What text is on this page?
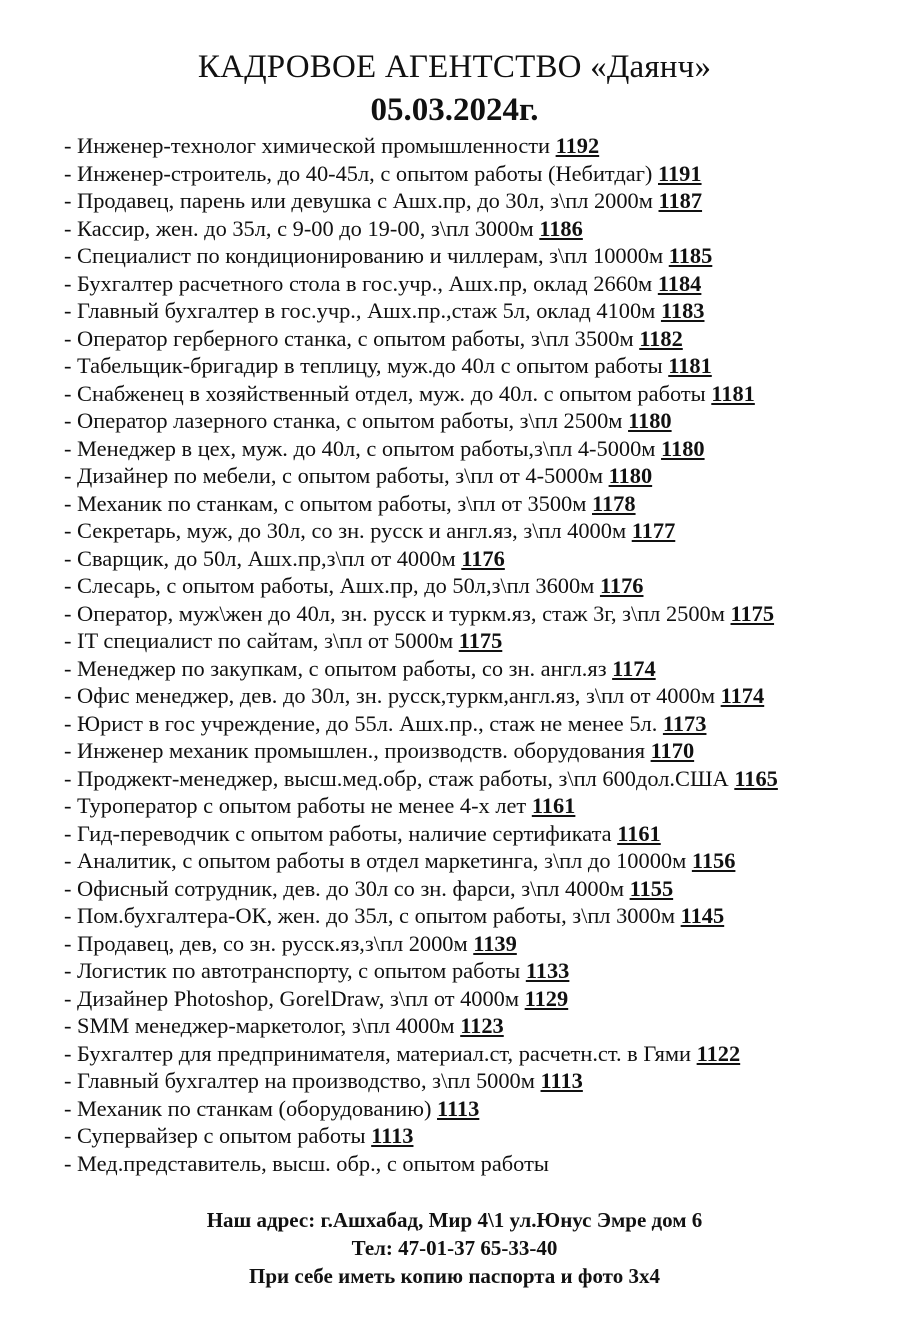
КАДРОВОЕ АГЕНТСТВО «Даянч»
05.03.2024г.
- Инженер-технолог химической промышленности 1192
- Инженер-строитель, до 40-45л, с опытом работы (Небитдаг) 1191
- Продавец, парень или девушка с Ашх.пр, до 30л, з\пл 2000м 1187
- Кассир, жен. до 35л, с 9-00 до 19-00, з\пл 3000м 1186
- Специалист по кондиционированию и чиллерам, з\пл 10000м 1185
- Бухгалтер расчетного стола в гос.учр., Ашх.пр, оклад 2660м 1184
- Главный бухгалтер в гос.учр., Ашх.пр.,стаж 5л, оклад 4100м 1183
- Оператор герберного станка, с опытом работы, з\пл 3500м 1182
- Табельщик-бригадир в теплицу, муж.до 40л с опытом работы 1181
- Снабженец в хозяйственный отдел, муж. до 40л. с опытом работы 1181
- Оператор лазерного станка, с опытом работы, з\пл 2500м 1180
- Менеджер в цех, муж. до 40л, с опытом работы,з\пл 4-5000м 1180
- Дизайнер по мебели, с опытом работы, з\пл от 4-5000м 1180
- Механик по станкам, с опытом работы, з\пл от 3500м 1178
- Секретарь, муж, до 30л, со зн. русск и англ.яз, з\пл 4000м 1177
- Сварщик, до 50л, Ашх.пр,з\пл от 4000м 1176
- Слесарь, с опытом работы, Ашх.пр, до 50л,з\пл 3600м 1176
- Оператор, муж\жен до 40л, зн. русск и туркм.яз, стаж 3г, з\пл 2500м 1175
- IT специалист по сайтам, з\пл от 5000м 1175
- Менеджер по закупкам, с опытом работы, со зн. англ.яз 1174
- Офис менеджер, дев. до 30л, зн. русск,туркм,англ.яз, з\пл от 4000м 1174
- Юрист в гос учреждение, до 55л. Ашх.пр., стаж не менее 5л. 1173
- Инженер механик промышлен., производств. оборудования 1170
- Проджект-менеджер, высш.мед.обр, стаж работы, з\пл 600дол.США 1165
- Туроператор с опытом работы не менее 4-х лет 1161
- Гид-переводчик с опытом работы, наличие сертификата 1161
- Аналитик, с опытом работы в отдел маркетинга, з\пл до 10000м 1156
- Офисный сотрудник, дев. до 30л со зн. фарси, з\пл 4000м 1155
- Пом.бухгалтера-ОК, жен. до 35л, с опытом работы, з\пл 3000м 1145
- Продавец, дев, со зн. русск.яз,з\пл 2000м 1139
- Логистик по автотранспорту, с опытом работы 1133
- Дизайнер Photoshop, GorelDraw, з\пл от 4000м 1129
- SMM менеджер-маркетолог, з\пл 4000м 1123
- Бухгалтер для предпринимателя, материал.ст, расчетн.ст. в Гями 1122
- Главный бухгалтер на производство, з\пл 5000м 1113
- Механик по станкам (оборудованию) 1113
- Супервайзер с опытом работы 1113
- Мед.представитель, высш. обр., с опытом работы
Наш адрес: г.Ашхабад, Мир 4\1 ул.Юнус Эмре дом 6
Тел: 47-01-37 65-33-40
При себе иметь копию паспорта и фото 3х4
